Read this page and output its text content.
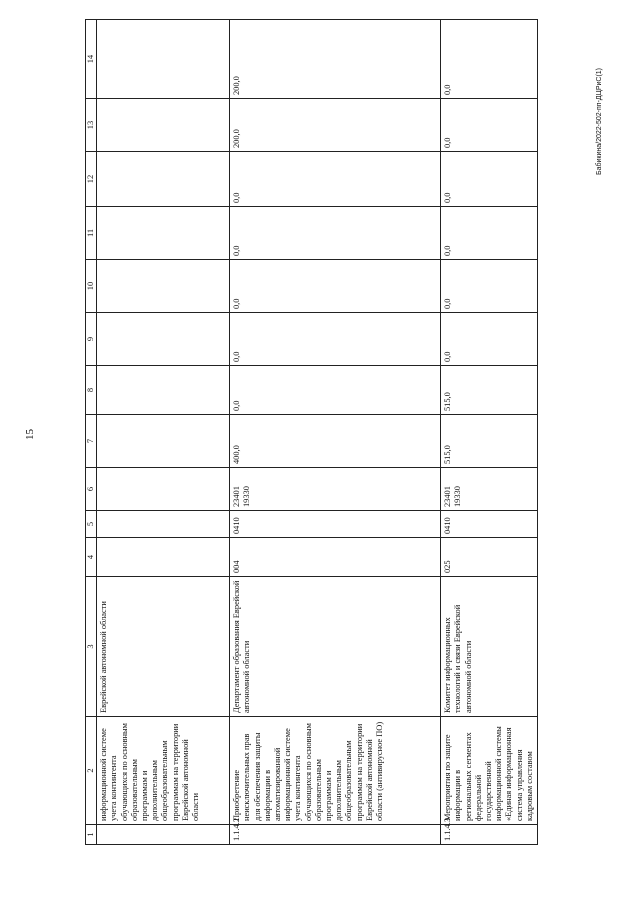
15
Бабикина/2022-502-пп-ДЦРиС(1)
1	2	3	4	5	6	7	8	9	10	11	12	13	14
	информационной системе учета контингента обучающихся по основным образовательным программам и дополнительным общеобразовательным программам на территории Еврейской автономной области	Еврейской автономной области											
1.1.4.2	Приобретение неисключительных прав для обеспечения защиты информации в автоматизированной информационной системе учета контингента обучающихся по основным образовательным программам и дополнительным общеобразовательным программам на территории Еврейской автономной области (антивирусное ПО)	Департамент образования Еврейской автономной области	004	0410	23401 19330	400,0	0,0	0,0	0,0	0,0	0,0	200,0	200,0
1.1.4.3	Мероприятия по защите информации в региональных сегментах федеральной государственной информационной системы «Единая информационная система управления кадровым составом	Комитет информационных технологий и связи Еврейской автономной области	025	0410	23401 19330	515,0	515,0	0,0	0,0	0,0	0,0	0,0	0,0
